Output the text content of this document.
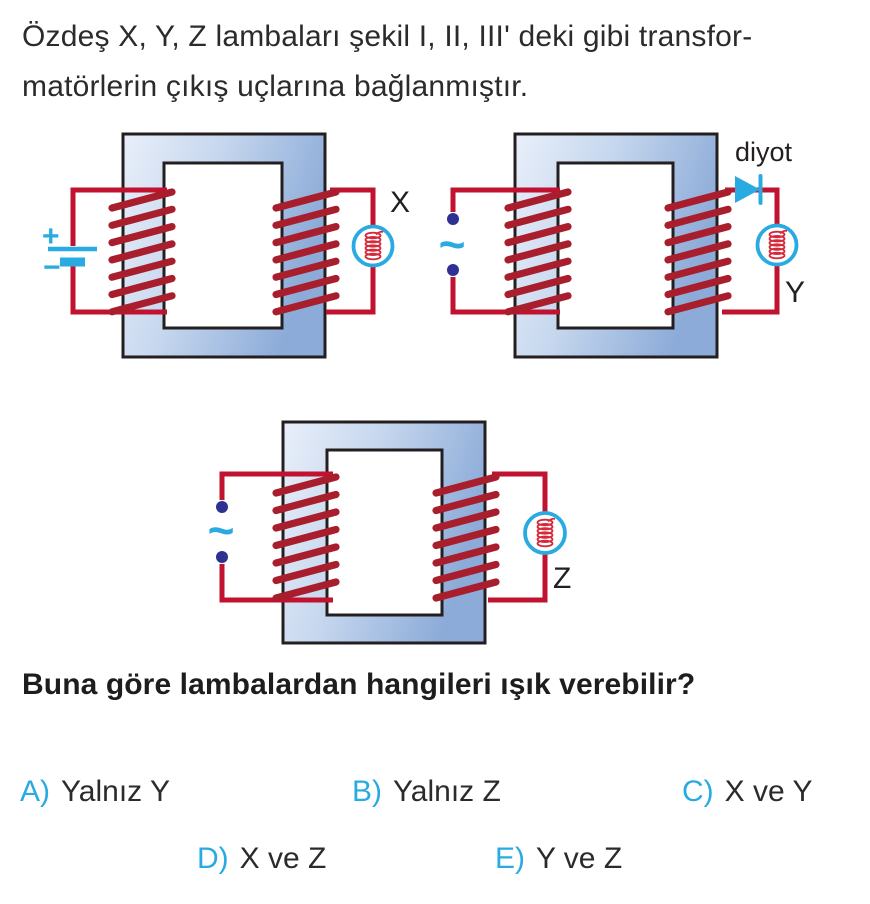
Özdeş X, Y, Z lambaları şekil I, II, III' deki gibi transfor-
matörlerin çıkış uçlarına bağlanmıştır.

+
−
X
~
diyot
Y
~
Z

Buna göre lambalardan hangileri ışık verebilir?

A) Yalnız Y	B) Yalnız Z	C) X ve Y
D) X ve Z	E) Y ve Z
